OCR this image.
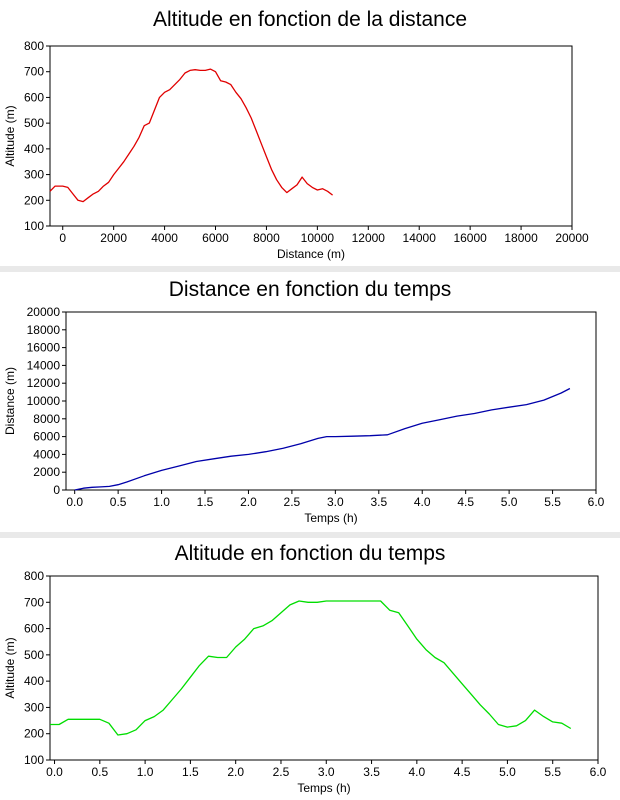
Altitude en fonction de la distance
100
200
300
400
500
600
700
800
0	2000 4000 6000 8000 10000 12000 14000 16000 18000 20000
Distance (m)
Altitude (m)
Distance en fonction du temps
0
2000
4000
6000
8000
10000
12000
14000
16000
18000
20000
0.0 0.5 1.0 1.5 2.0 2.5 3.0 3.5 4.0 4.5 5.0 5.5 6.0
Temps (h)
Distance (m)
Altitude en fonction du temps
100
200
300
400
500
600
700
800
0.0 0.5 1.0 1.5 2.0 2.5 3.0 3.5 4.0 4.5 5.0 5.5 6.0
Temps (h)
Altitude (m)
